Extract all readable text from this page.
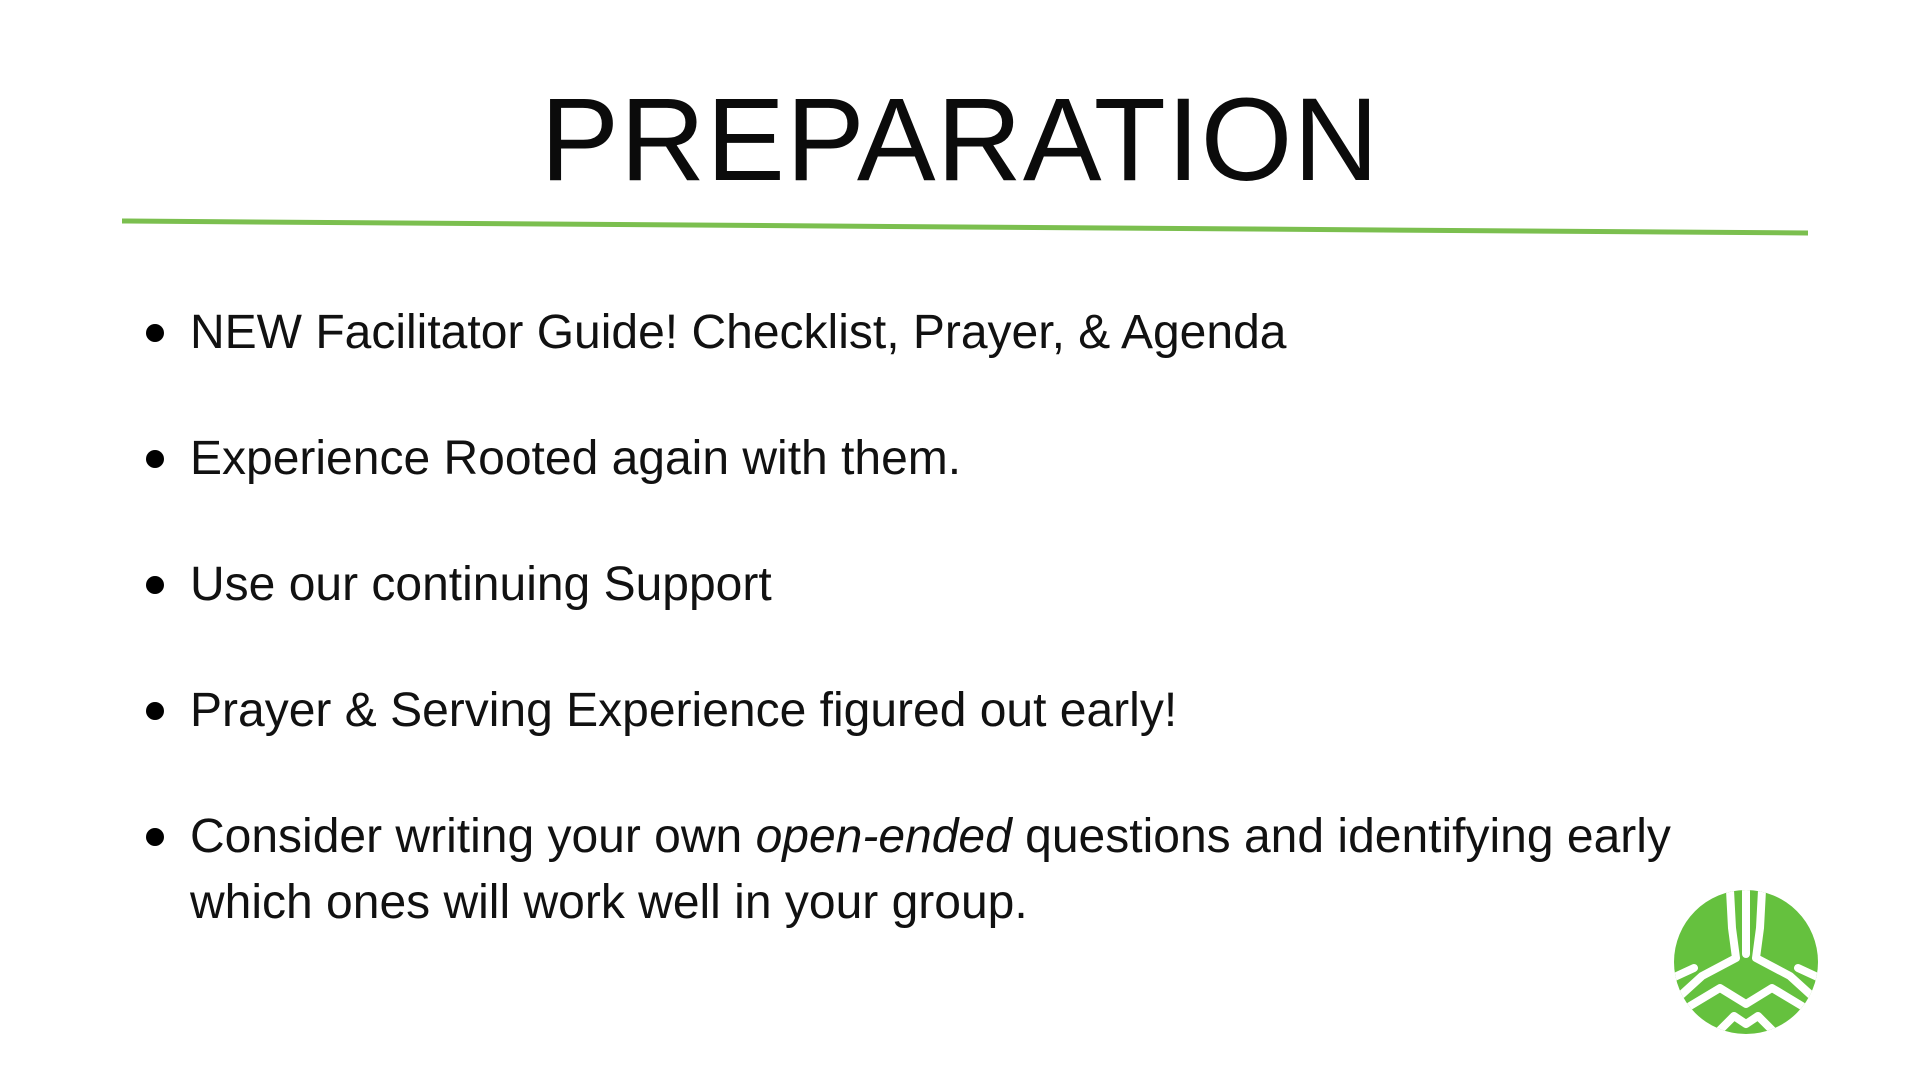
PREPARATION
NEW Facilitator Guide! Checklist, Prayer, & Agenda
Experience Rooted again with them.
Use our continuing Support
Prayer & Serving Experience figured out early!
Consider writing your own open-ended questions and identifying early which ones will work well in your group.
